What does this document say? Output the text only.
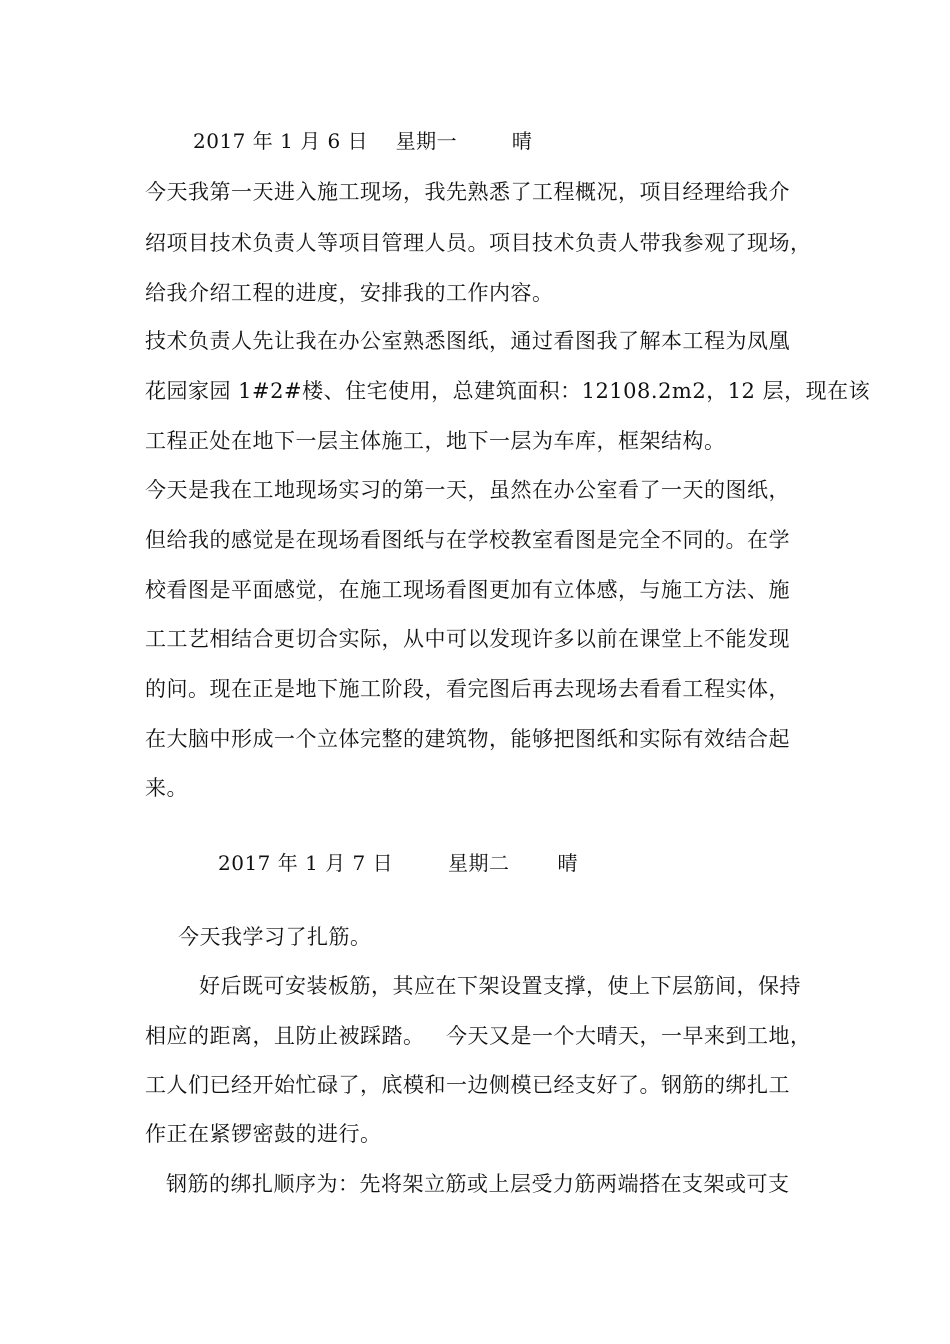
2017 年 1 月 6 日    星期一        晴
今天我第一天进入施工现场，我先熟悉了工程概况，项目经理给我介
绍项目技术负责人等项目管理人员。项目技术负责人带我参观了现场，
给我介绍工程的进度，安排我的工作内容。
技术负责人先让我在办公室熟悉图纸，通过看图我了解本工程为凤凰
花园家园 1#2#楼、住宅使用，总建筑面积：12108.2m2，12 层，现在该
工程正处在地下一层主体施工，地下一层为车库，框架结构。
今天是我在工地现场实习的第一天，虽然在办公室看了一天的图纸，
但给我的感觉是在现场看图纸与在学校教室看图是完全不同的。在学
校看图是平面感觉，在施工现场看图更加有立体感，与施工方法、施
工工艺相结合更切合实际，从中可以发现许多以前在课堂上不能发现
的问。现在正是地下施工阶段，看完图后再去现场去看看工程实体，
在大脑中形成一个立体完整的建筑物，能够把图纸和实际有效结合起
来。
2017 年 1 月 7 日        星期二       晴
今天我学习了扎筋。
好后既可安装板筋，其应在下架设置支撑，使上下层筋间，保持
相应的距离，且防止被踩踏。   今天又是一个大晴天，一早来到工地，
工人们已经开始忙碌了，底模和一边侧模已经支好了。钢筋的绑扎工
作正在紧锣密鼓的进行。
钢筋的绑扎顺序为：先将架立筋或上层受力筋两端搭在支架或可支
